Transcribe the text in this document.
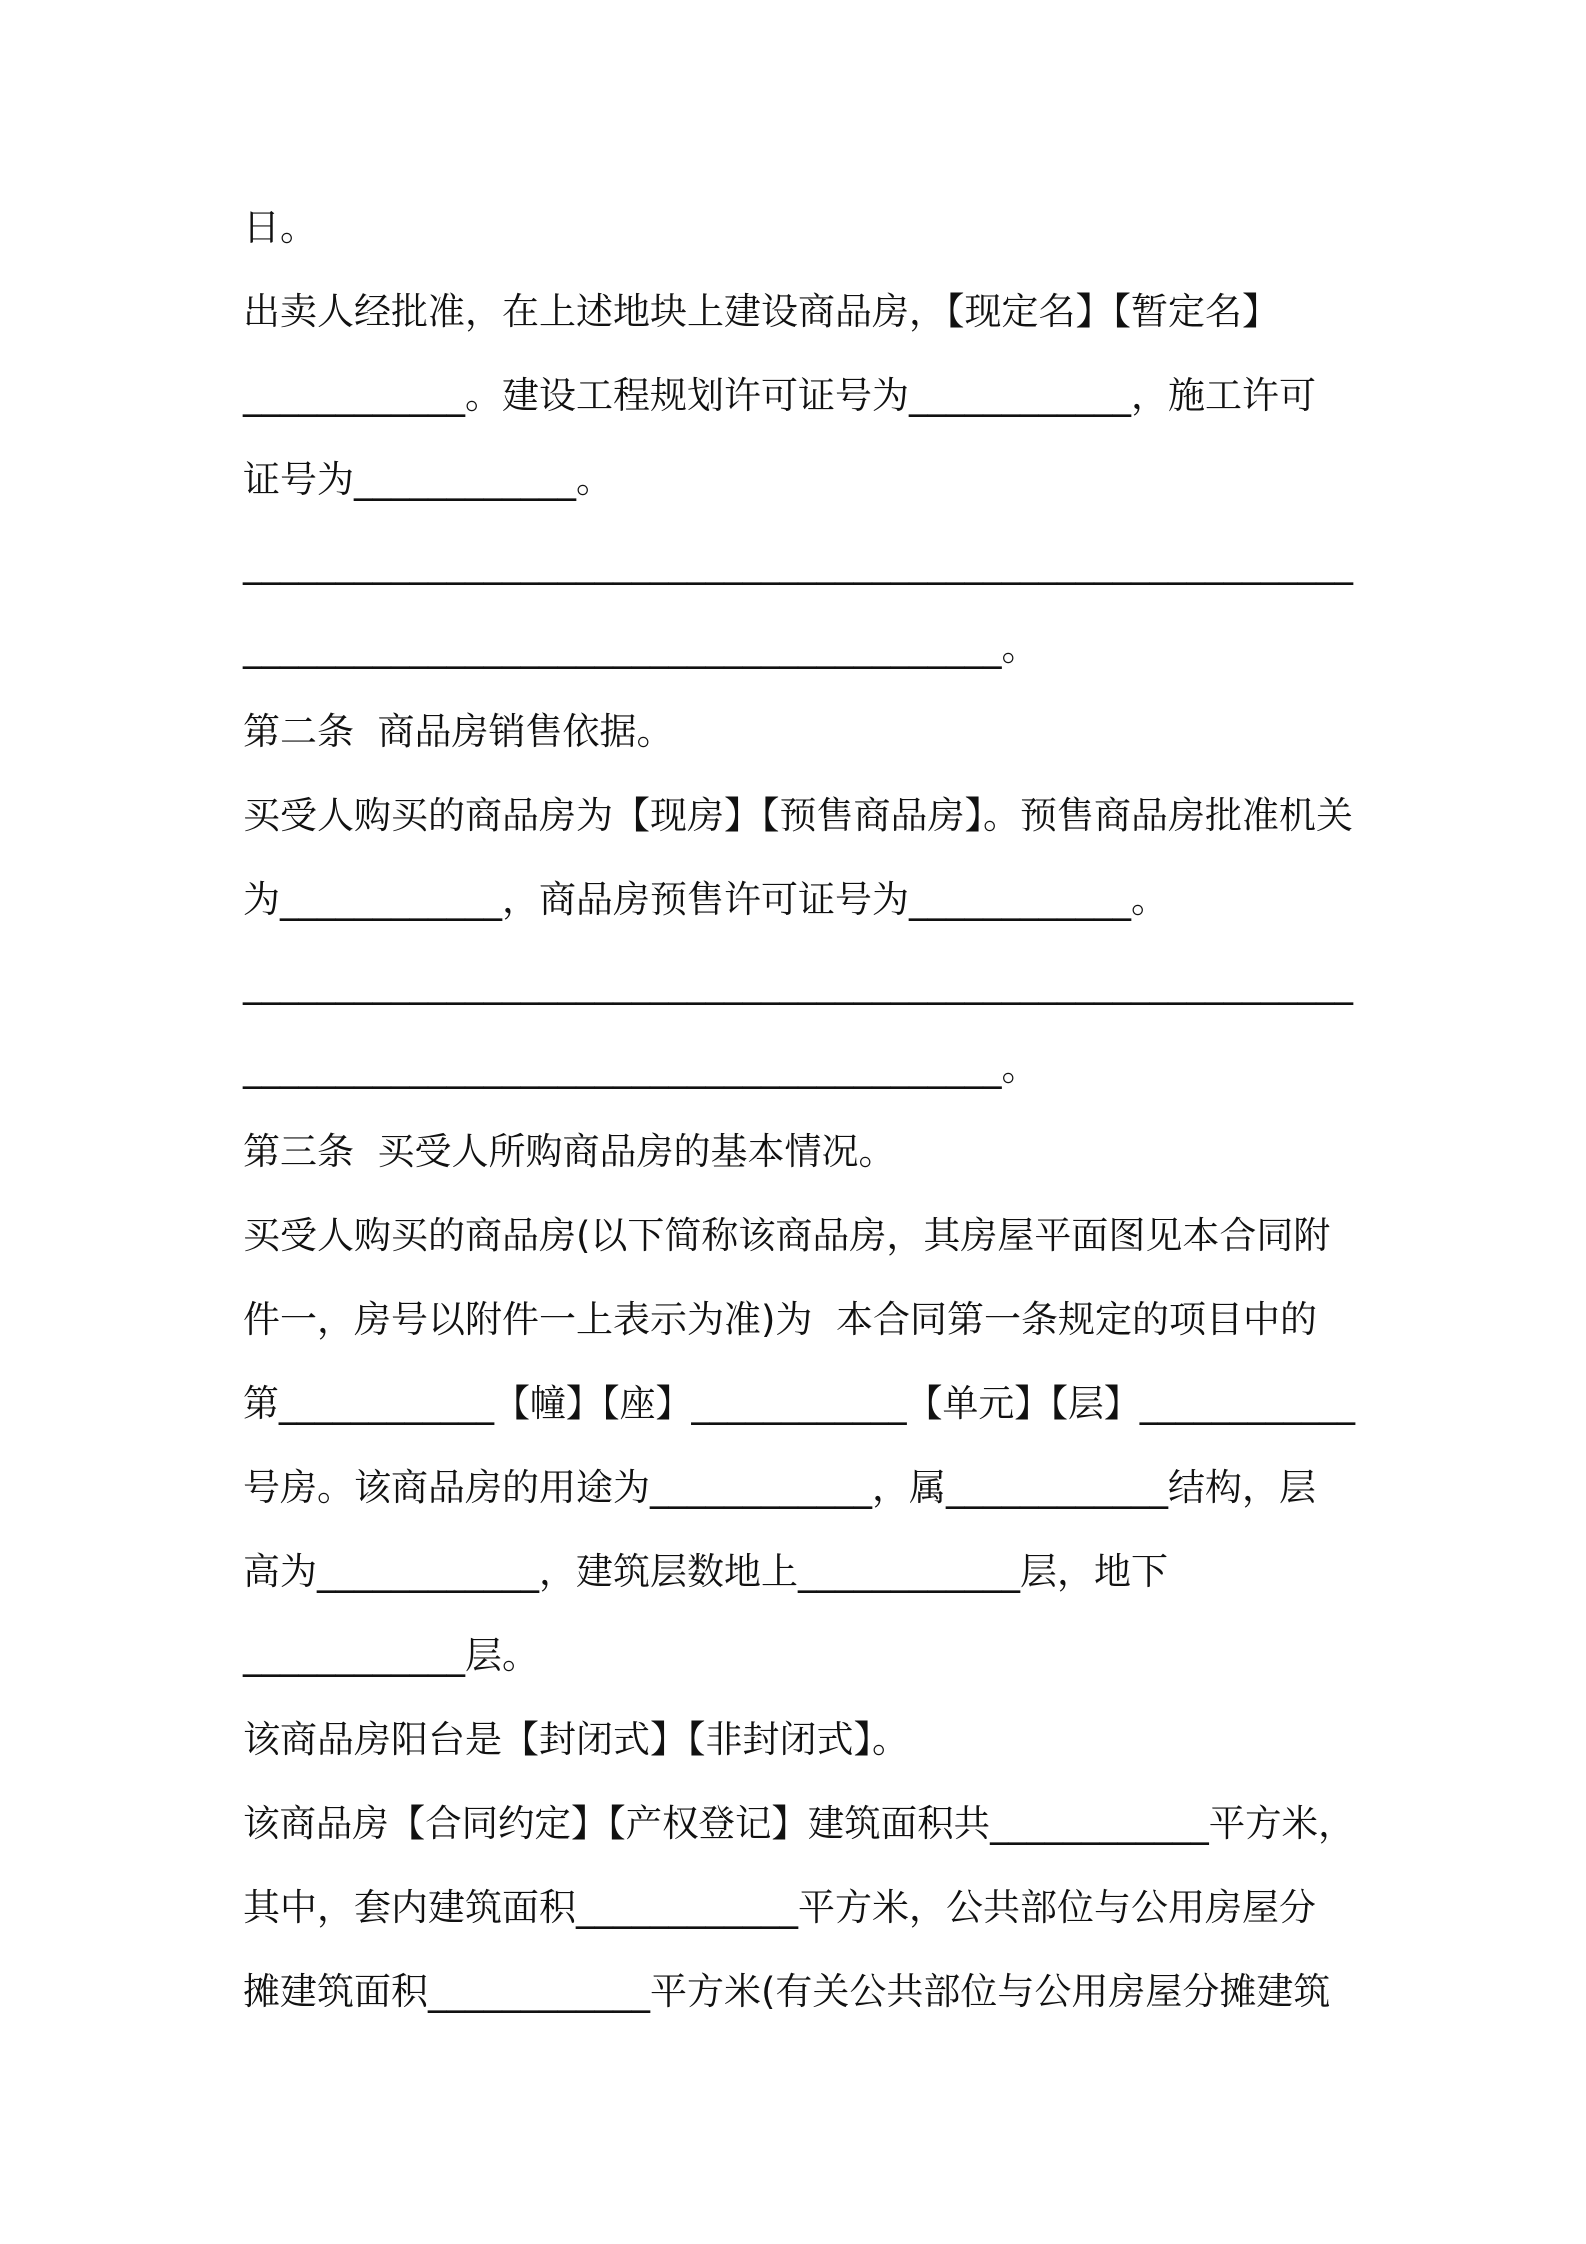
日。

出卖人经批准，在上述地块上建设商品房，【现定名】【暂定名】

____________。建设工程规划许可证号为____________，施工许可

证号为____________。

____________________________________________________________

_________________________________________。

第二条  商品房销售依据。

买受人购买的商品房为【现房】【预售商品房】。预售商品房批准机关

为____________，商品房预售许可证号为____________。

____________________________________________________________

_________________________________________。

第三条  买受人所购商品房的基本情况。

买受人购买的商品房(以下简称该商品房，其房屋平面图见本合同附

件一，房号以附件一上表示为准)为  本合同第一条规定的项目中的

第____________【幢】【座】____________【单元】【层】____________

号房。该商品房的用途为____________，属____________结构，层

高为____________，建筑层数地上____________层，地下

____________层。

该商品房阳台是【封闭式】【非封闭式】。

该商品房【合同约定】【产权登记】建筑面积共____________平方米，

其中，套内建筑面积____________平方米，公共部位与公用房屋分

摊建筑面积____________平方米(有关公共部位与公用房屋分摊建筑
